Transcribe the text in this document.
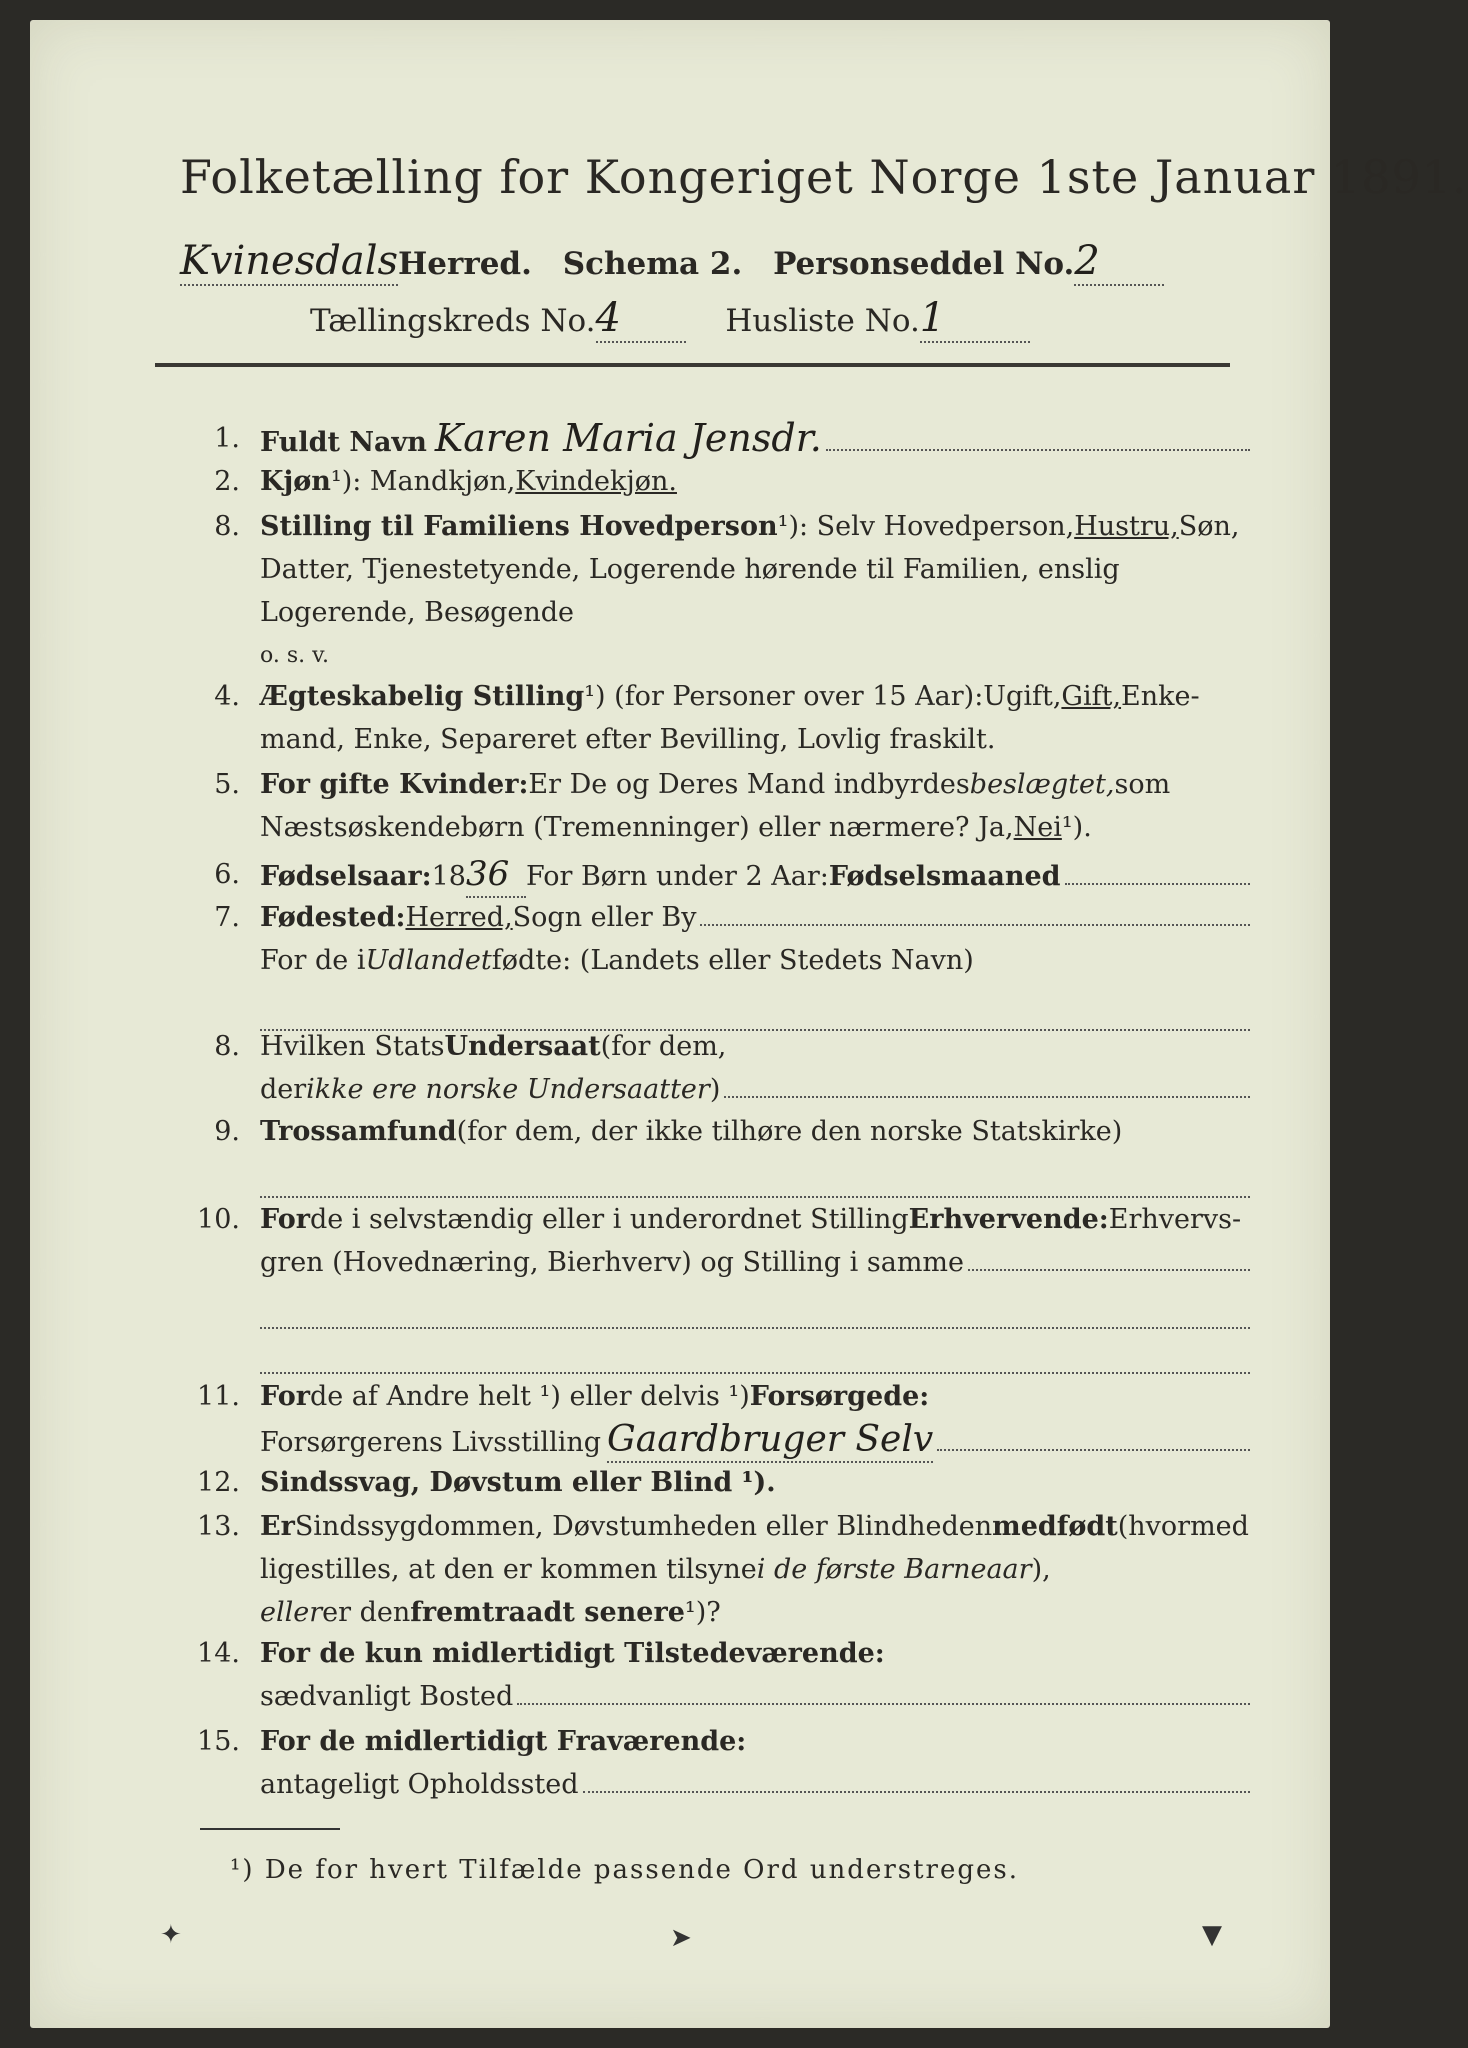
Folketælling for Kongeriget Norge 1ste Januar 1891.
KvinesdalsHerred. Schema 2. Personseddel No.2
Tællingskreds No.4	Husliste No.1
1. Fuldt Navn Karen Maria Jensdr.
2. Kjøn ¹): Mandkjøn, Kvindekjøn.
8. Stilling til Familiens Hovedperson ¹): Selv Hovedperson, Hustru, Søn,
Datter, Tjenestetyende, Logerende hørende til Familien, enslig
Logerende, Besøgende
o. s. v.
4. Ægteskabelig Stilling ¹) (for Personer over 15 Aar): Ugift, Gift, Enke-
mand, Enke, Separeret efter Bevilling, Lovlig fraskilt.
5. For gifte Kvinder: Er De og Deres Mand indbyrdes beslægtet, som
Næstsøskendebørn (Tremenninger) eller nærmere? Ja, Nei ¹).
6. Fødselsaar: 18 36 For Børn under 2 Aar: Fødselsmaaned
7. Fødested: Herred, Sogn eller By
For de i Udlandet fødte: (Landets eller Stedets Navn)
8. Hvilken Stats Undersaat (for dem,
der ikke ere norske Undersaatter )
9. Trossamfund (for dem, der ikke tilhøre den norske Statskirke)
10. For de i selvstændig eller i underordnet Stilling Erhvervende: Erhvervs-
gren (Hovednæring, Bierhverv) og Stilling i samme
11. For de af Andre helt ¹) eller delvis ¹) Forsørgede:
Forsørgerens Livsstilling Gaardbruger Selv
12. Sindssvag, Døvstum eller Blind ¹).
13. Er Sindssygdommen, Døvstumheden eller Blindheden medfødt (hvormed
ligestilles, at den er kommen tilsyne i de første Barneaar ),
eller er den fremtraadt senere ¹)?
14. For de kun midlertidigt Tilstedeværende:
sædvanligt Bosted
15. For de midlertidigt Fraværende:
antageligt Opholdssted
¹) De for hvert Tilfælde passende Ord understreges.
✦	➤	▼
